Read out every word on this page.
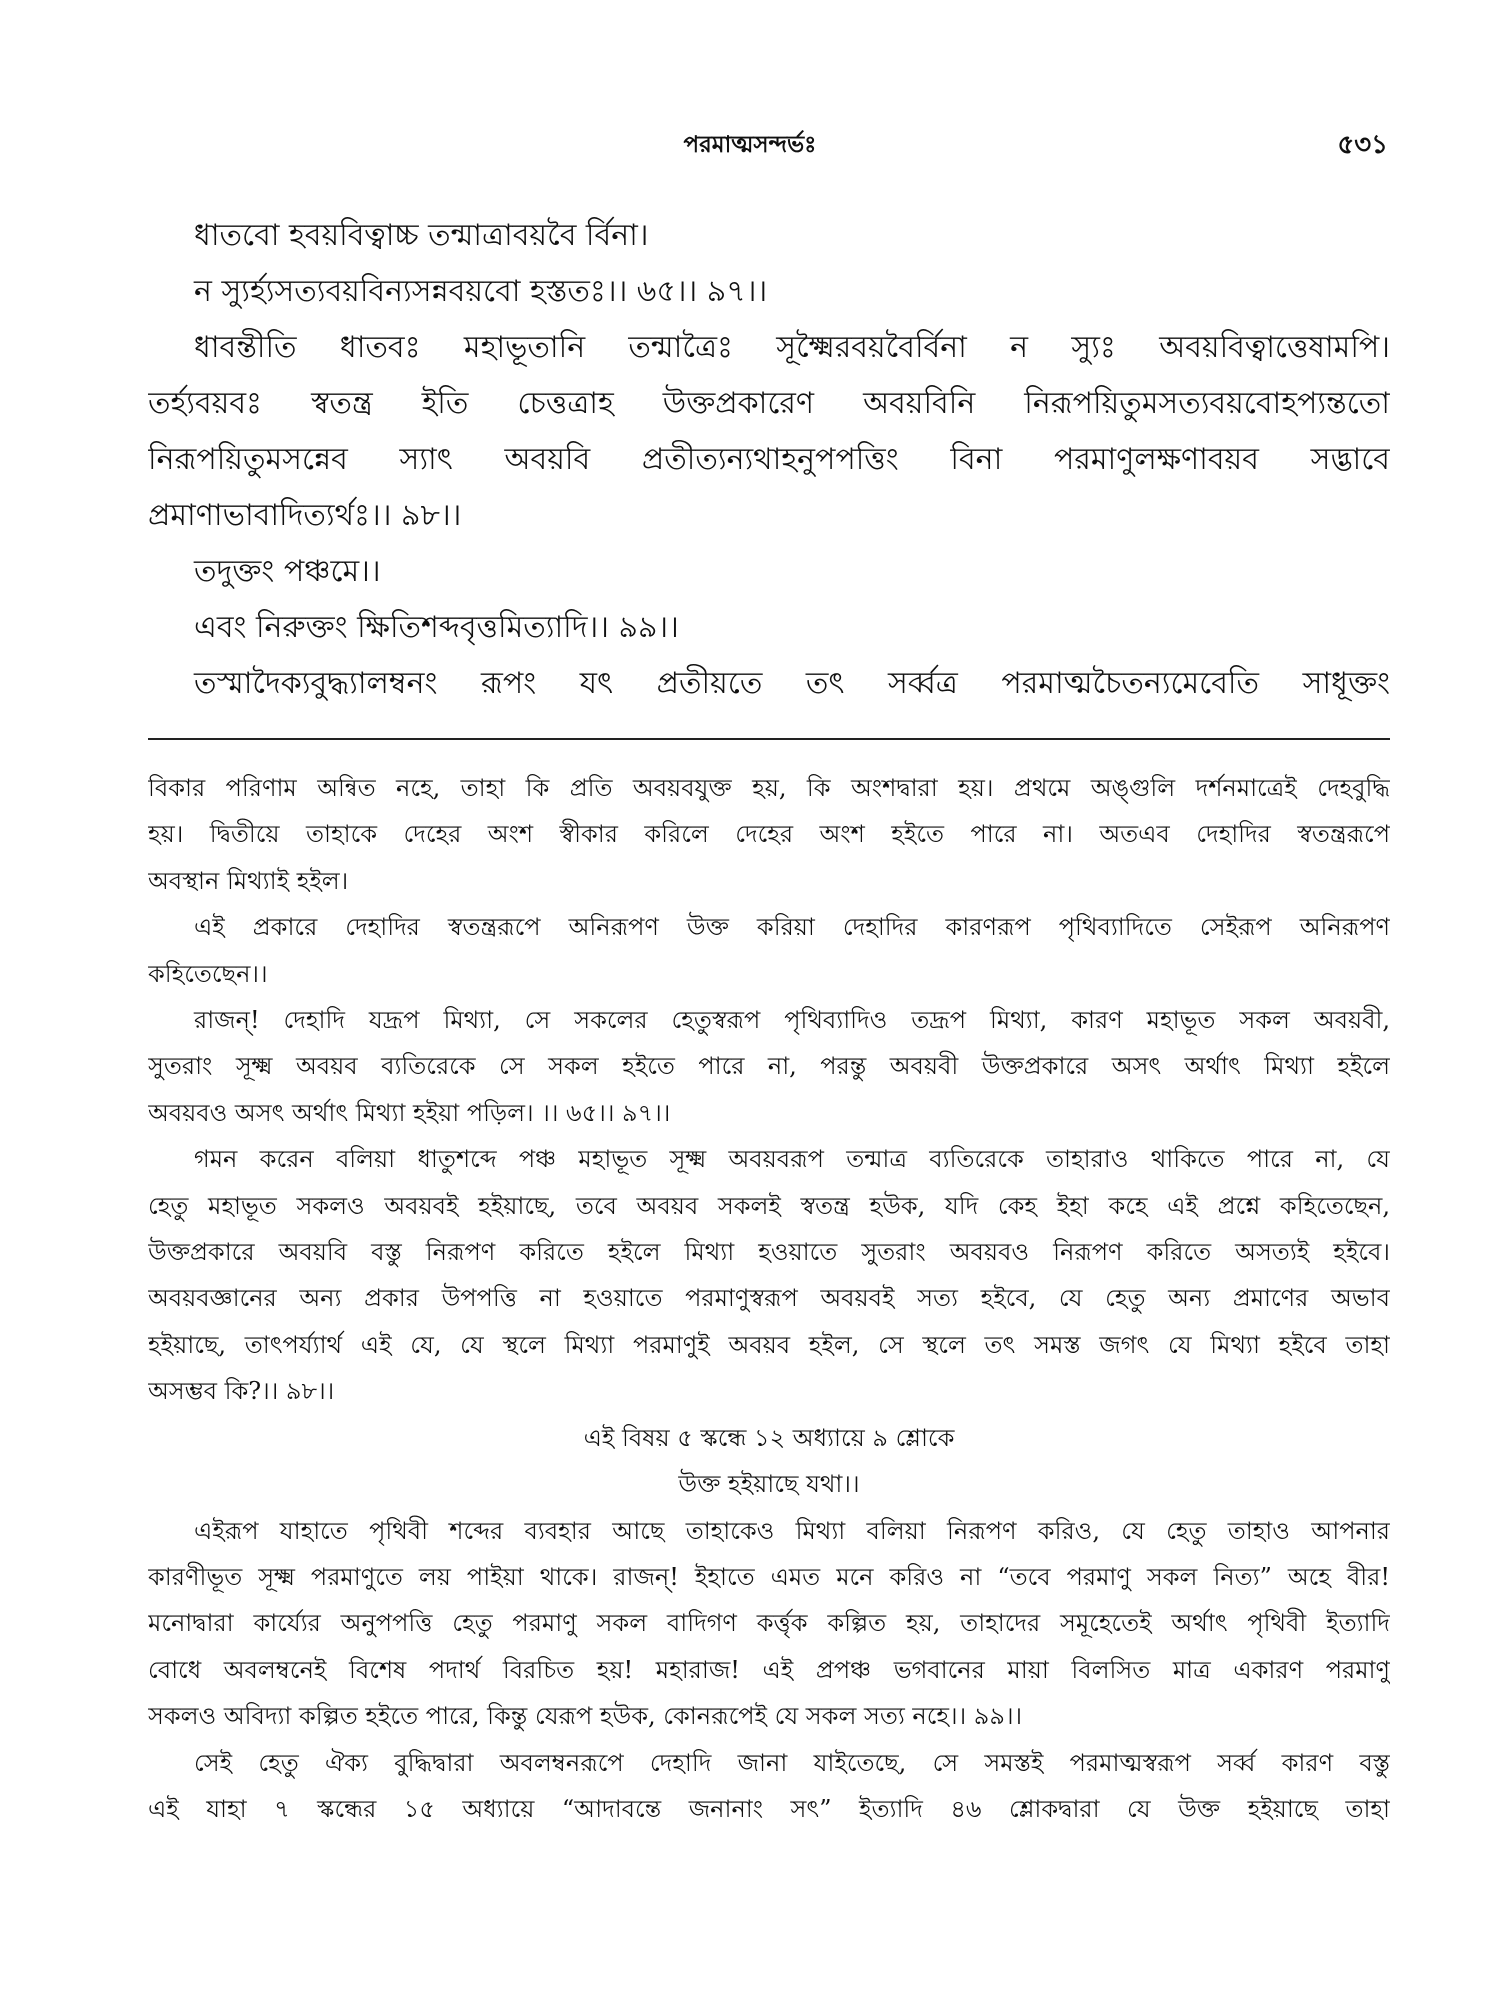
পরমাত্মসন্দর্ভঃ	৫৩১
ধাতবো হবয়বিত্বাচ্চ তন্মাত্রাবয়বৈ র্বিনা।
ন স্যুর্হ্যসত্যবয়বিন্যসন্নবয়বো হস্ততঃ।। ৬৫।। ৯৭।।
ধাবন্তীতি ধাতবঃ মহাভূতানি তন্মাত্রৈঃ সূক্ষ্মৈরবয়বৈর্বিনা ন স্যুঃ অবয়বিত্বাত্তেষামপি।
তর্হ্যবয়বঃ স্বতন্ত্র ইতি চেত্তত্রাহ উক্তপ্রকারেণ অবয়বিনি নিরূপয়িতুমসত্যবয়বোহপ্যন্ততো
নিরূপয়িতুমসন্নেব স্যাৎ অবয়বি প্রতীত্যন্যথাহনুপপত্তিং বিনা পরমাণুলক্ষণাবয়ব সদ্ভাবে
প্রমাণাভাবাদিত্যর্থঃ।। ৯৮।।
তদুক্তং পঞ্চমে।।
এবং নিরুক্তং ক্ষিতিশব্দবৃত্তমিত্যাদি।। ৯৯।।
তস্মাদৈক্যবুদ্ধ্যালম্বনং রূপং যৎ প্রতীয়তে তৎ সর্ব্বত্র পরমাত্মচৈতন্যমেবেতি সাধূক্তং
বিকার পরিণাম অন্বিত নহে, তাহা কি প্রতি অবয়বযুক্ত হয়, কি অংশদ্বারা হয়। প্রথমে অঙ্গুলি দর্শনমাত্রেই দেহবুদ্ধি
হয়। দ্বিতীয়ে তাহাকে দেহের অংশ স্বীকার করিলে দেহের অংশ হইতে পারে না। অতএব দেহাদির স্বতন্ত্ররূপে
অবস্থান মিথ্যাই হইল।
এই প্রকারে দেহাদির স্বতন্ত্ররূপে অনিরূপণ উক্ত করিয়া দেহাদির কারণরূপ পৃথিব্যাদিতে সেইরূপ অনিরূপণ
কহিতেছেন।।
রাজন্! দেহাদি যদ্রূপ মিথ্যা, সে সকলের হেতুস্বরূপ পৃথিব্যাদিও তদ্রূপ মিথ্যা, কারণ মহাভূত সকল অবয়বী,
সুতরাং সূক্ষ্ম অবয়ব ব্যতিরেকে সে সকল হইতে পারে না, পরন্তু অবয়বী উক্তপ্রকারে অসৎ অর্থাৎ মিথ্যা হইলে
অবয়বও অসৎ অর্থাৎ মিথ্যা হইয়া পড়িল। ।। ৬৫।। ৯৭।।
গমন করেন বলিয়া ধাতুশব্দে পঞ্চ মহাভূত সূক্ষ্ম অবয়বরূপ তন্মাত্র ব্যতিরেকে তাহারাও থাকিতে পারে না, যে
হেতু মহাভূত সকলও অবয়বই হইয়াছে, তবে অবয়ব সকলই স্বতন্ত্র হউক, যদি কেহ ইহা কহে এই প্রশ্নে কহিতেছেন,
উক্তপ্রকারে অবয়বি বস্তু নিরূপণ করিতে হইলে মিথ্যা হওয়াতে সুতরাং অবয়বও নিরূপণ করিতে অসত্যই হইবে।
অবয়বজ্ঞানের অন্য প্রকার উপপত্তি না হওয়াতে পরমাণুস্বরূপ অবয়বই সত্য হইবে, যে হেতু অন্য প্রমাণের অভাব
হইয়াছে, তাৎপর্য্যার্থ এই যে, যে স্থলে মিথ্যা পরমাণুই অবয়ব হইল, সে স্থলে তৎ সমস্ত জগৎ যে মিথ্যা হইবে তাহা
অসম্ভব কি?।। ৯৮।।
এই বিষয় ৫ স্কন্ধে ১২ অধ্যায়ে ৯ শ্লোকে
উক্ত হইয়াছে যথা।।
এইরূপ যাহাতে পৃথিবী শব্দের ব্যবহার আছে তাহাকেও মিথ্যা বলিয়া নিরূপণ করিও, যে হেতু তাহাও আপনার
কারণীভূত সূক্ষ্ম পরমাণুতে লয় পাইয়া থাকে। রাজন্! ইহাতে এমত মনে করিও না “তবে পরমাণু সকল নিত্য” অহে বীর!
মনোদ্বারা কার্য্যের অনুপপত্তি হেতু পরমাণু সকল বাদিগণ কর্ত্তৃক কল্পিত হয়, তাহাদের সমূহেতেই অর্থাৎ পৃথিবী ইত্যাদি
বোধে অবলম্বনেই বিশেষ পদার্থ বিরচিত হয়! মহারাজ! এই প্রপঞ্চ ভগবানের মায়া বিলসিত মাত্র একারণ পরমাণু
সকলও অবিদ্যা কল্পিত হইতে পারে, কিন্তু যেরূপ হউক, কোনরূপেই যে সকল সত্য নহে।। ৯৯।।
সেই হেতু ঐক্য বুদ্ধিদ্বারা অবলম্বনরূপে দেহাদি জানা যাইতেছে, সে সমস্তই পরমাত্মস্বরূপ সর্ব্ব কারণ বস্তু
এই যাহা ৭ স্কন্ধের ১৫ অধ্যায়ে “আদাবন্তে জনানাং সৎ” ইত্যাদি ৪৬ শ্লোকদ্বারা যে উক্ত হইয়াছে তাহা
